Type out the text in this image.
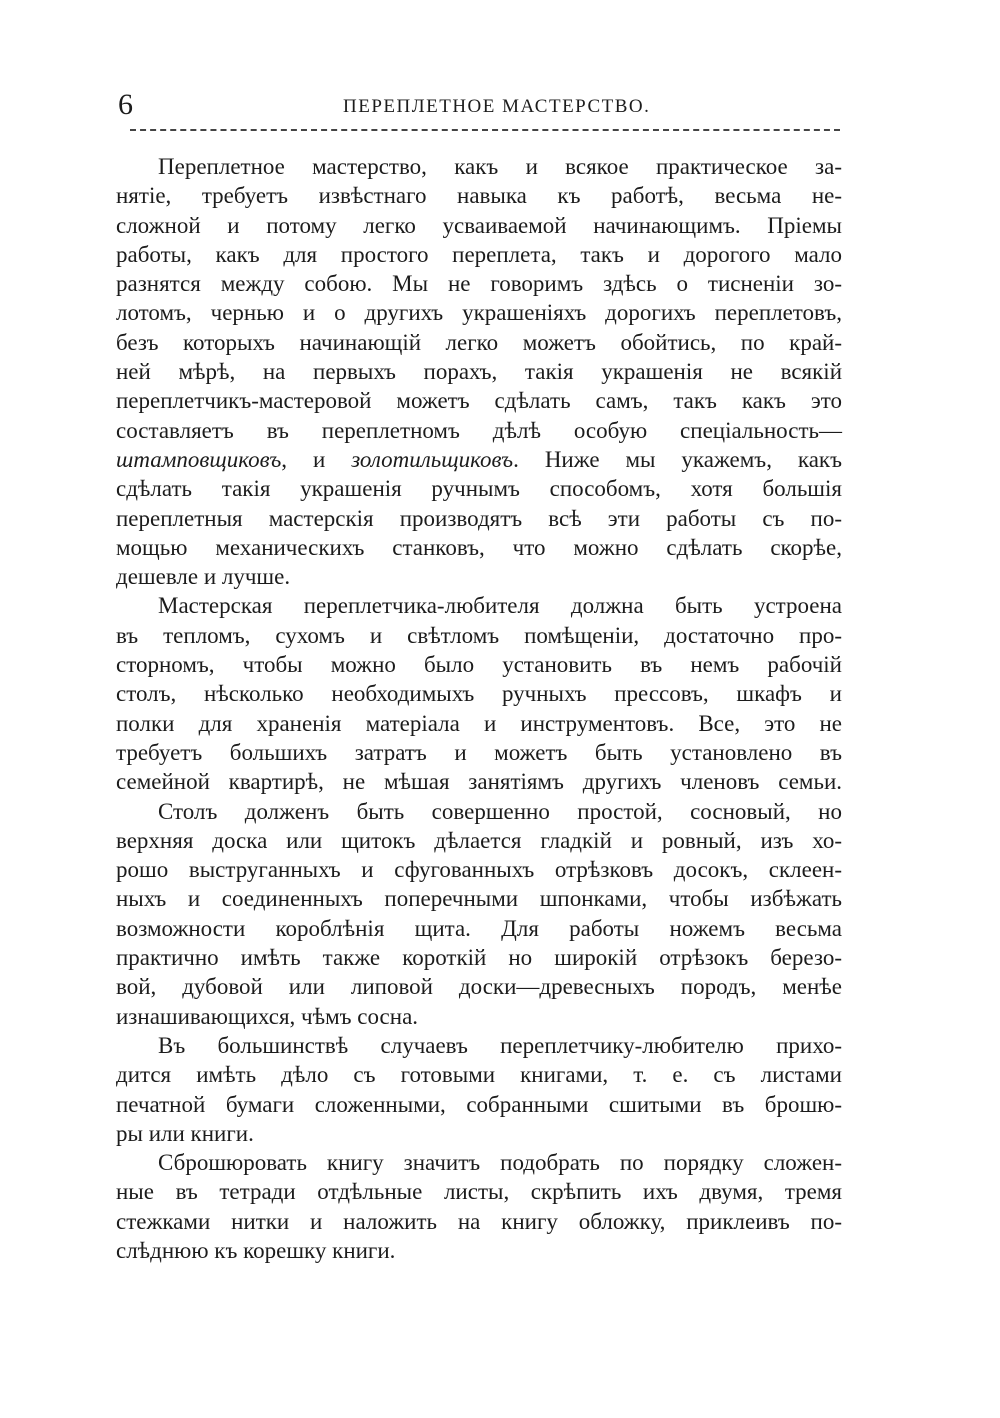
6	ПЕРЕПЛЕТНОЕ МАСТЕРСТВО.
Переплетное мастерство, какъ и всякое практическое за-
нятіе, требуетъ извѣстнаго навыка къ работѣ, весьма не-
сложной и потому легко усваиваемой начинающимъ. Пріемы
работы, какъ для простого переплета, такъ и дорогого мало
разнятся между собою. Мы не говоримъ здѣсь о тисненіи зо-
лотомъ, чернью и о другихъ украшеніяхъ дорогихъ переплетовъ,
безъ которыхъ начинающій легко можетъ обойтись, по край-
ней мѣрѣ, на первыхъ порахъ, такія украшенія не всякій
переплетчикъ-мастеровой можетъ сдѣлать самъ, такъ какъ это
составляетъ въ переплетномъ дѣлѣ особую спеціальность—
штамповщиковъ, и золотильщиковъ. Ниже мы укажемъ, какъ
сдѣлать такія украшенія ручнымъ способомъ, хотя большія
переплетныя мастерскія производятъ всѣ эти работы съ по-
мощью механическихъ станковъ, что можно сдѣлать скорѣе,
дешевле и лучше.
Мастерская переплетчика-любителя должна быть устроена
въ тепломъ, сухомъ и свѣтломъ помѣщеніи, достаточно про-
сторномъ, чтобы можно было установить въ немъ рабочій
столъ, нѣсколько необходимыхъ ручныхъ прессовъ, шкафъ и
полки для храненія матеріала и инструментовъ. Все, это не
требуетъ большихъ затратъ и можетъ быть установлено въ
семейной квартирѣ, не мѣшая занятіямъ другихъ членовъ семьи.
Столъ долженъ быть совершенно простой, сосновый, но
верхняя доска или щитокъ дѣлается гладкій и ровный, изъ хо-
рошо выструганныхъ и сфугованныхъ отрѣзковъ досокъ, склеен-
ныхъ и соединенныхъ поперечными шпонками, чтобы избѣжать
возможности короблѣнія щита. Для работы ножемъ весьма
практично имѣть также короткій но широкій отрѣзокъ березо-
вой, дубовой или липовой доски—древесныхъ породъ, менѣе
изнашивающихся, чѣмъ сосна.
Въ большинствѣ случаевъ переплетчику-любителю прихо-
дится имѣть дѣло съ готовыми книгами, т. е. съ листами
печатной бумаги сложенными, собранными сшитыми въ брошю-
ры или книги.
Сброшюровать книгу значитъ подобрать по порядку сложен-
ные въ тетради отдѣльные листы, скрѣпить ихъ двумя, тремя
стежками нитки и наложить на книгу обложку, приклеивъ по-
слѣднюю къ корешку книги.
